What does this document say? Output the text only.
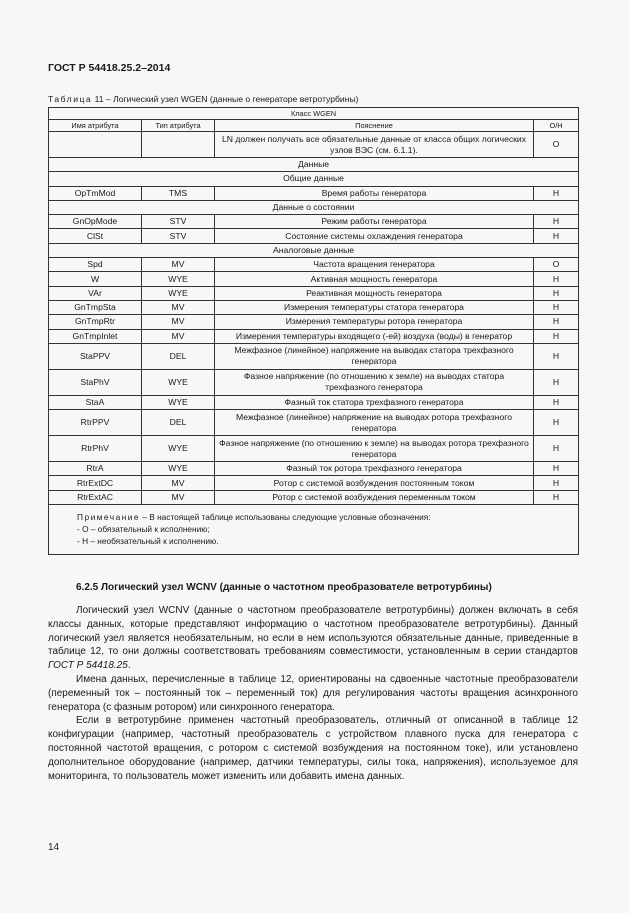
ГОСТ Р 54418.25.2–2014
Таблица 11 – Логический узел WGEN (данные о генераторе ветротурбины)
Класс WGEN			
Имя атрибута	Тип атрибута	Пояснение	О/Н
		LN должен получать все обязательные данные от класса общих логических узлов ВЭС (см. 6.1.1).	О
Данные			
Общие данные			
OpTmMod	TMS	Время работы генератора	Н
Данные о состоянии			
GnOpMode	STV	Режим работы генератора	Н
ClSt	STV	Состояние системы охлаждения генератора	Н
Аналоговые данные			
Spd	MV	Частота вращения генератора	О
W	WYE	Активная мощность генератора	Н
VAr	WYE	Реактивная мощность генератора	Н
GnTmpSta	MV	Измерения температуры статора генератора	Н
GnTmpRtr	MV	Измерения температуры ротора генератора	Н
GnTmpInlet	MV	Измерения температуры входящего (-ей) воздуха (воды) в генератор	Н
StaPPV	DEL	Межфазное (линейное) напряжение на выводах статора трехфазного генератора	Н
StaPhV	WYE	Фазное напряжение (по отношению к земле) на выводах статора трехфазного генератора	Н
StaA	WYE	Фазный ток статора трехфазного генератора	Н
RtrPPV	DEL	Межфазное (линейное) напряжение на выводах ротора трехфазного генератора	Н
RtrPhV	WYE	Фазное напряжение (по отношению к земле) на выводах ротора трехфазного генератора	Н
RtrA	WYE	Фазный ток ротора трехфазного генератора	Н
RtrExtDC	MV	Ротор с системой возбуждения постоянным током	Н
RtrExtAC	MV	Ротор с системой возбуждения переменным током	Н

Примечание – В настоящей таблице использованы следующие условные обозначения:
- О – обязательный к исполнению;
- Н – необязательный к исполнению.			
6.2.5 Логический узел WCNV (данные о частотном преобразователе ветротурбины)

Логический узел WCNV (данные о частотном преобразователе ветротурбины) должен включать в себя классы данных, которые представляют информацию о частотном преобразователе ветротурбины). Данный логический узел является необязательным, но если в нем используются обязательные данные, приведенные в таблице 12, то они должны соответствовать требованиям совместимости, установленным в серии стандартов ГОСТ Р 54418.25.

Имена данных, перечисленные в таблице 12, ориентированы на сдвоенные частотные преобразователи (переменный ток – постоянный ток – переменный ток) для регулирования частоты вращения асинхронного генератора (с фазным ротором) или синхронного генератора.

Если в ветротурбине применен частотный преобразователь, отличный от описанной в таблице 12 конфигурации (например, частотный преобразователь с устройством плавного пуска для генератора с постоянной частотой вращения, с ротором с системой возбуждения на постоянном токе), или установлено дополнительное оборудование (например, датчики температуры, силы тока, напряжения), используемое для мониторинга, то пользователь может изменить или добавить имена данных.

14
